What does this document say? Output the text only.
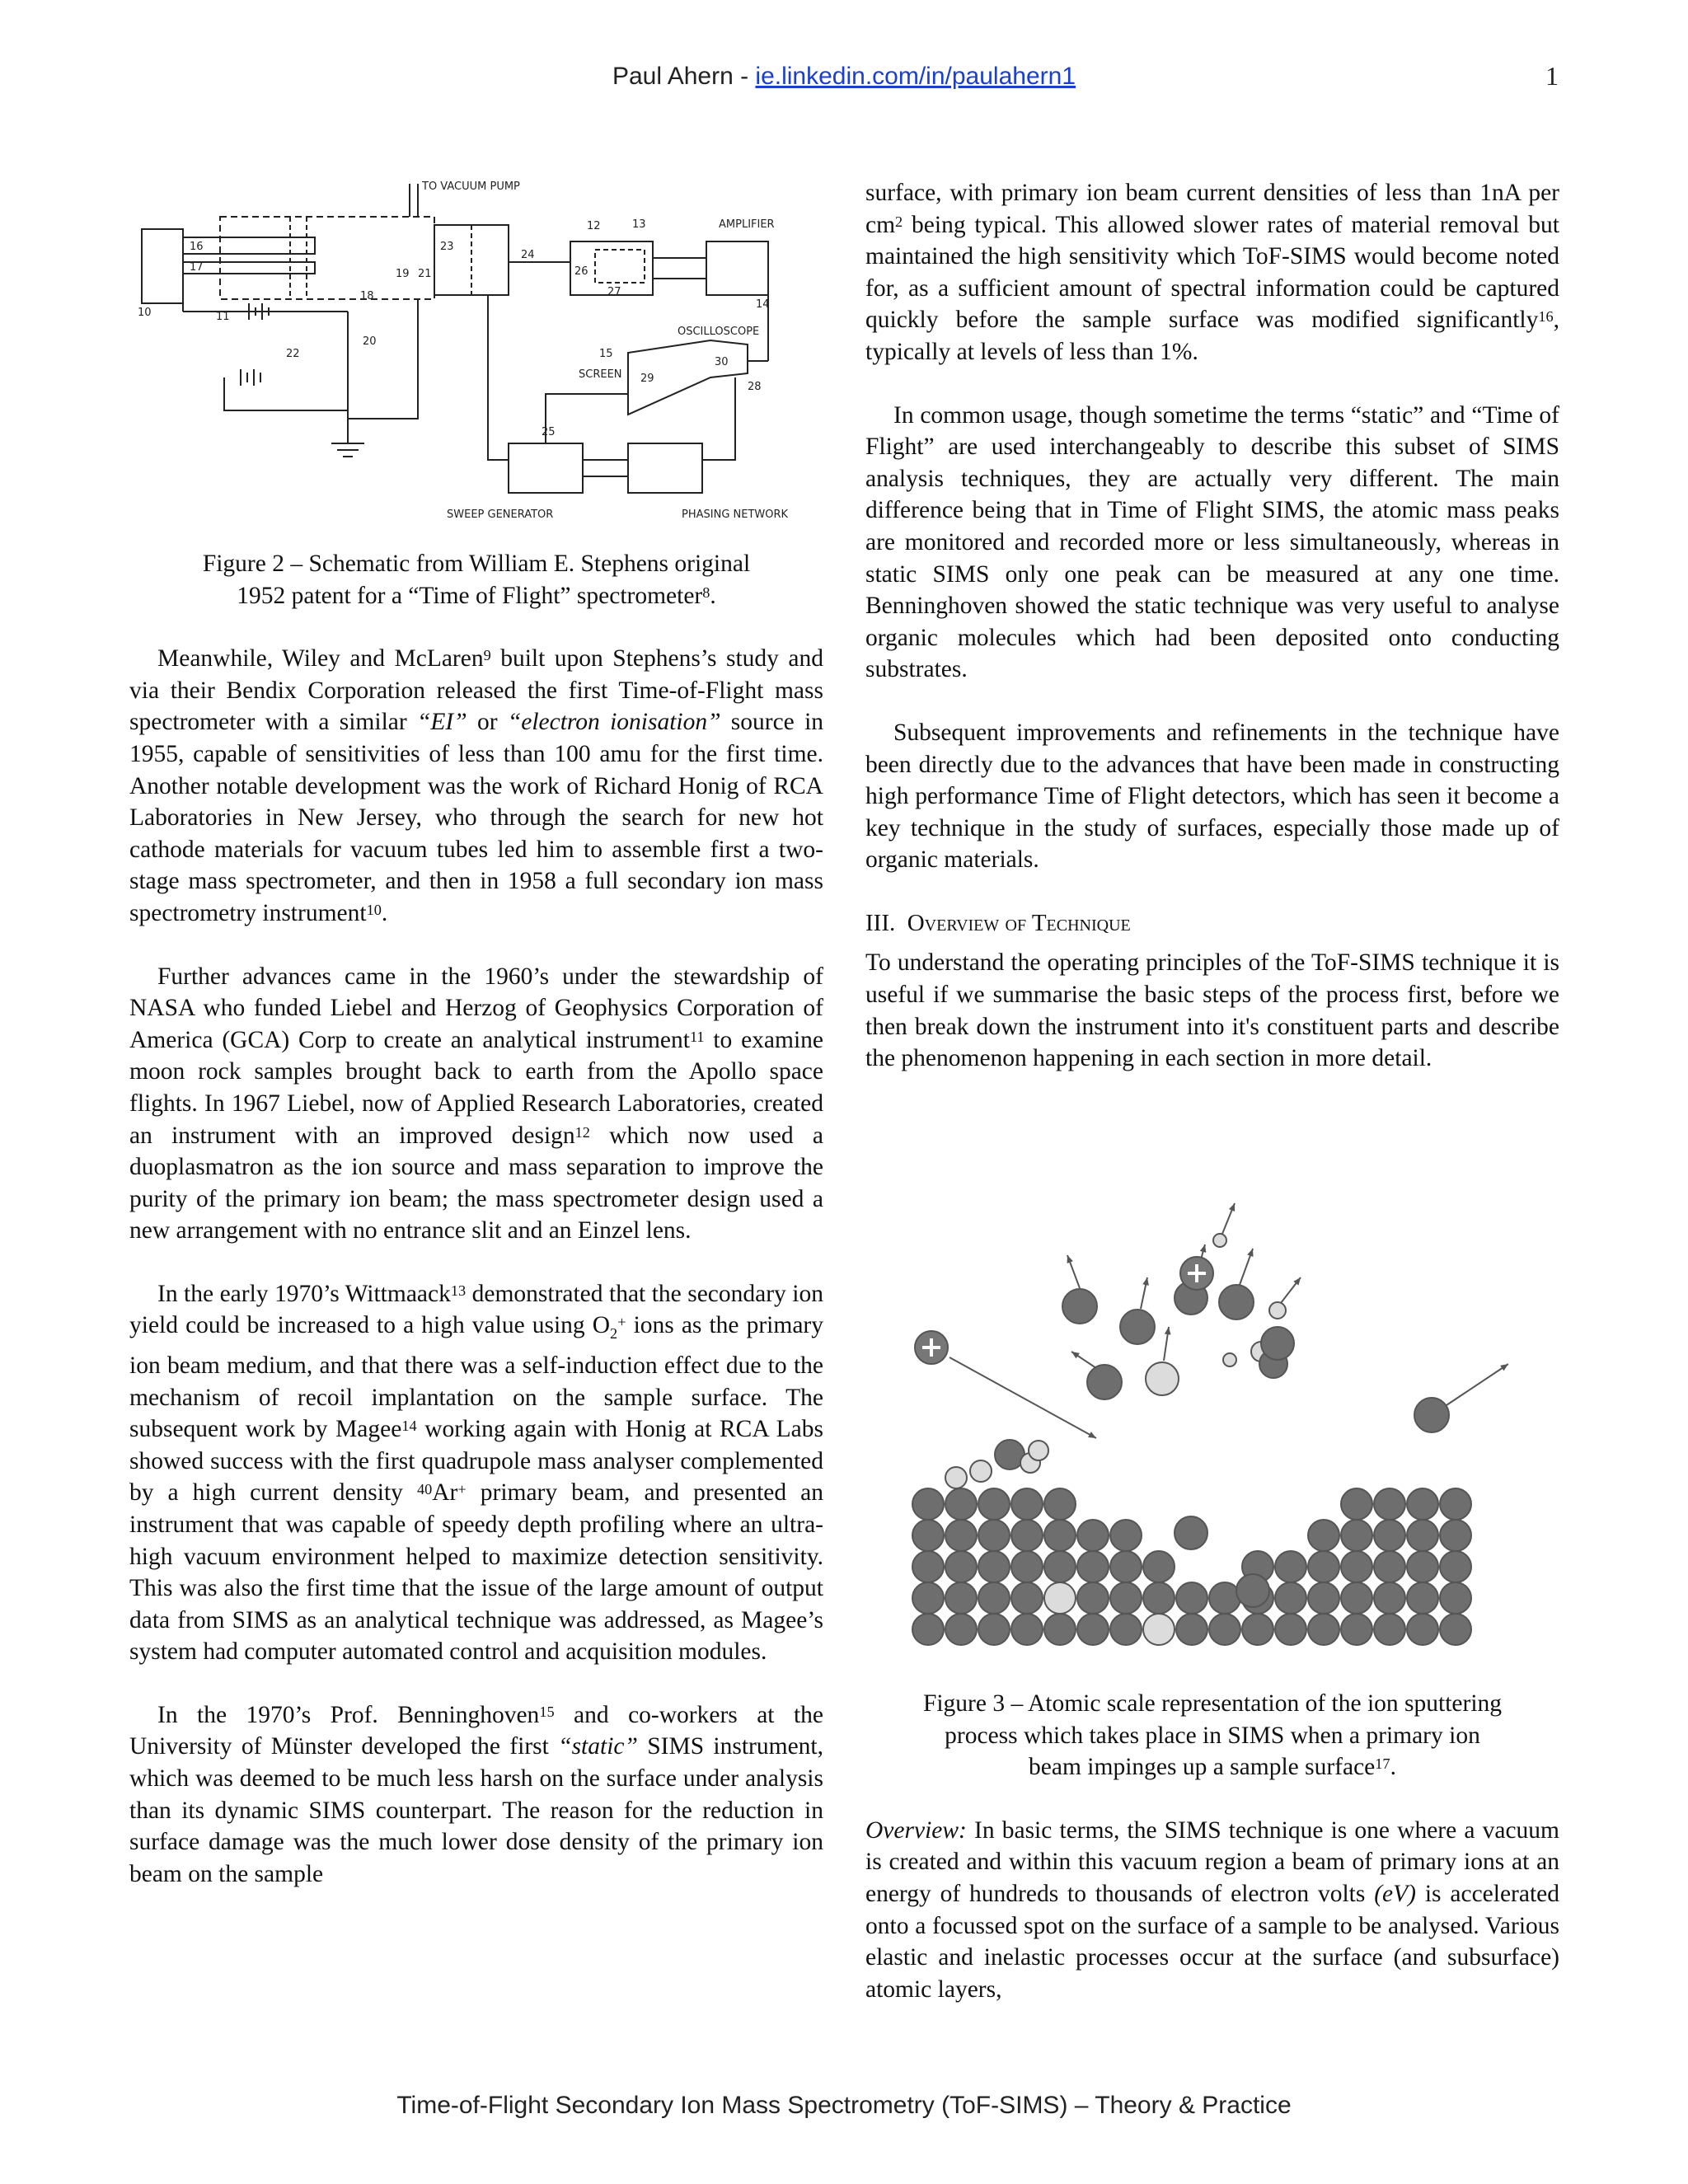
Paul Ahern - ie.linkedin.com/in/paulahern1	1
TO VACUUM PUMP
AMPLIFIER
OSCILLOSCOPE
SCREEN
SWEEP GENERATOR	PHASING NETWORK
10	11
16
17
18
19
20
21
22
23
24
25
26
27
28
29
30
12	13
14
15

Figure 2 – Schematic from William E. Stephens original
1952 patent for a “Time of Flight” spectrometer$^8$.

Meanwhile, Wiley and McLaren$^9$ built upon Stephens’s study and via their Bendix Corporation released the first Time-of-Flight mass spectrometer with a similar “EI” or “electron ionisation” source in 1955, capable of sensitivities of less than 100 amu for the first time. Another notable development was the work of Richard Honig of RCA Laboratories in New Jersey, who through the search for new hot cathode materials for vacuum tubes led him to assemble first a two-stage mass spectrometer, and then in 1958 a full secondary ion mass spectrometry instrument$^{10}$.

Further advances came in the 1960’s under the stewardship of NASA who funded Liebel and Herzog of Geophysics Corporation of America (GCA) Corp to create an analytical instrument$^{11}$ to examine moon rock samples brought back to earth from the Apollo space flights. In 1967 Liebel, now of Applied Research Laboratories, created an instrument with an improved design$^{12}$ which now used a duoplasmatron as the ion source and mass separation to improve the purity of the primary ion beam; the mass spectrometer design used a new arrangement with no entrance slit and an Einzel lens.

In the early 1970’s Wittmaack$^{13}$ demonstrated that the secondary ion yield could be increased to a high value using $O_2^+$ ions as the primary ion beam medium, and that there was a self-induction effect due to the mechanism of recoil implantation on the sample surface. The subsequent work by Magee$^{14}$ working again with Honig at RCA Labs showed success with the first quadrupole mass analyser complemented by a high current density $^{40}$Ar+ primary beam, and presented an instrument that was capable of speedy depth profiling where an ultra-high vacuum environment helped to maximize detection sensitivity. This was also the first time that the issue of the large amount of output data from SIMS as an analytical technique was addressed, as Magee’s system had computer automated control and acquisition modules.

In the 1970’s Prof. Benninghoven$^{15}$ and co-workers at the University of Münster developed the first “static” SIMS instrument, which was deemed to be much less harsh on the surface under analysis than its dynamic SIMS counterpart. The reason for the reduction in surface damage was the much lower dose density of the primary ion beam on the sample

surface, with primary ion beam current densities of less than 1nA per $cm^2$ being typical. This allowed slower rates of material removal but maintained the high sensitivity which ToF-SIMS would become noted for, as a sufficient amount of spectral information could be captured quickly before the sample surface was modified significantly$^{16}$, typically at levels of less than 1%.

In common usage, though sometime the terms “static” and “Time of Flight” are used interchangeably to describe this subset of SIMS analysis techniques, they are actually very different. The main difference being that in Time of Flight SIMS, the atomic mass peaks are monitored and recorded more or less simultaneously, whereas in static SIMS only one peak can be measured at any one time. Benninghoven showed the static technique was very useful to analyse organic molecules which had been deposited onto conducting substrates.

Subsequent improvements and refinements in the technique have been directly due to the advances that have been made in constructing high performance Time of Flight detectors, which has seen it become a key technique in the study of surfaces, especially those made up of organic materials.

III. Overview of Technique

To understand the operating principles of the ToF-SIMS technique it is useful if we summarise the basic steps of the process first, before we then break down the instrument into it's constituent parts and describe the phenomenon happening in each section in more detail.

Figure 3 – Atomic scale representation of the ion sputtering
process which takes place in SIMS when a primary ion
beam impinges up a sample surface$^{17}$.

Overview: In basic terms, the SIMS technique is one where a vacuum is created and within this vacuum region a beam of primary ions at an energy of hundreds to thousands of electron volts (eV) is accelerated onto a focussed spot on the surface of a sample to be analysed. Various elastic and inelastic processes occur at the surface (and subsurface) atomic layers,

Time-of-Flight Secondary Ion Mass Spectrometry (ToF-SIMS) – Theory & Practice
